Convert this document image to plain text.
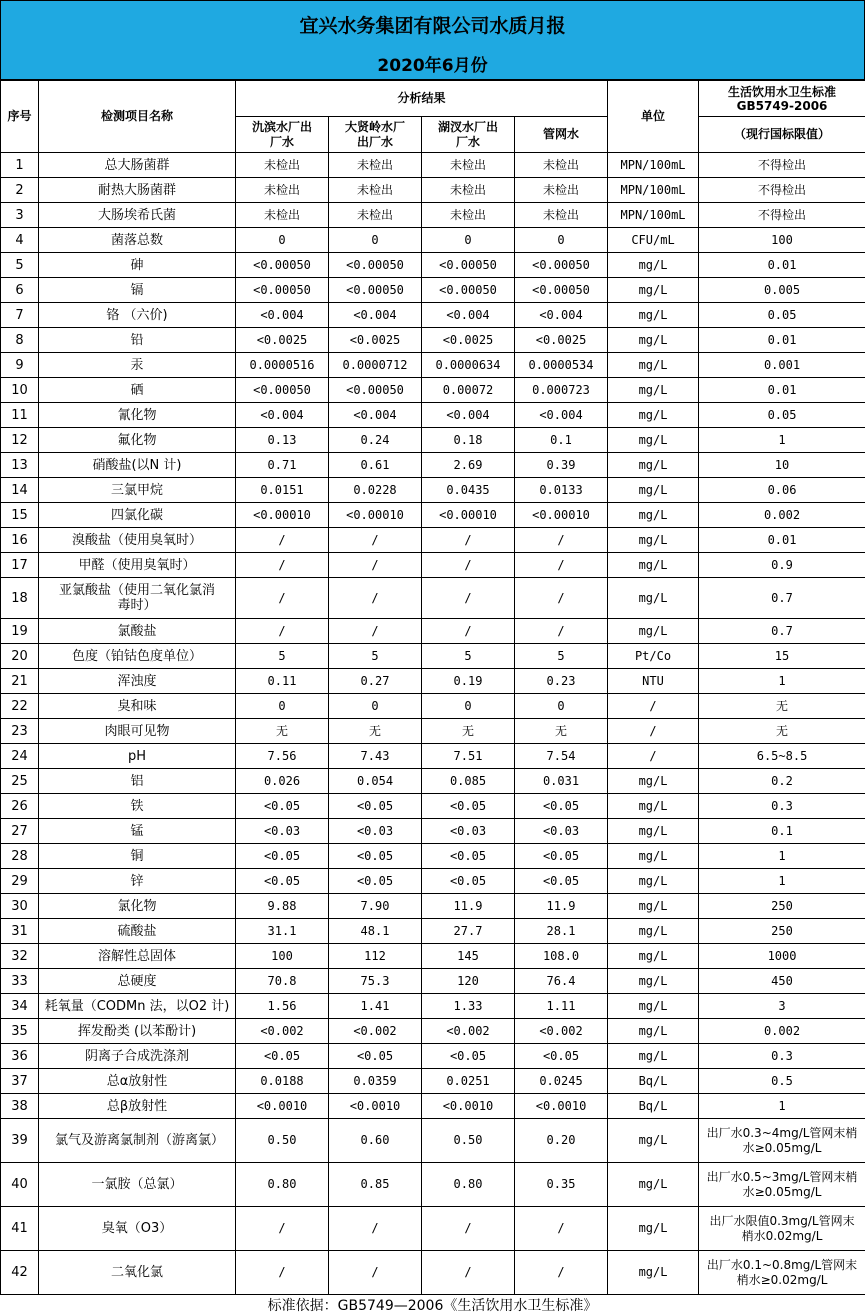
宜兴水务集团有限公司水质月报
2020年6月份
序号	检测项目名称	分析结果				单位	生活饮用水卫生标准 GB5749-2006
		氿滨水厂出厂水	大贤岭水厂出厂水	湖汊水厂出厂水	管网水		（现行国标限值）
1	总大肠菌群	未检出	未检出	未检出	未检出	MPN/100mL	不得检出
2	耐热大肠菌群	未检出	未检出	未检出	未检出	MPN/100mL	不得检出
3	大肠埃希氏菌	未检出	未检出	未检出	未检出	MPN/100mL	不得检出
4	菌落总数	0	0	0	0	CFU/mL	100
5	砷	<0.00050	<0.00050	<0.00050	<0.00050	mg/L	0.01
6	镉	<0.00050	<0.00050	<0.00050	<0.00050	mg/L	0.005
7	铬 （六价)	<0.004	<0.004	<0.004	<0.004	mg/L	0.05
8	铅	<0.0025	<0.0025	<0.0025	<0.0025	mg/L	0.01
9	汞	0.0000516	0.0000712	0.0000634	0.0000534	mg/L	0.001
10	硒	<0.00050	<0.00050	0.00072	0.000723	mg/L	0.01
11	氰化物	<0.004	<0.004	<0.004	<0.004	mg/L	0.05
12	氟化物	0.13	0.24	0.18	0.1	mg/L	1
13	硝酸盐(以N 计)	0.71	0.61	2.69	0.39	mg/L	10
14	三氯甲烷	0.0151	0.0228	0.0435	0.0133	mg/L	0.06
15	四氯化碳	<0.00010	<0.00010	<0.00010	<0.00010	mg/L	0.002
16	溴酸盐（使用臭氧时）	/	/	/	/	mg/L	0.01
17	甲醛（使用臭氧时）	/	/	/	/	mg/L	0.9
18	亚氯酸盐（使用二氧化氯消毒时）	/	/	/	/	mg/L	0.7
19	氯酸盐	/	/	/	/	mg/L	0.7
20	色度（铂钴色度单位）	5	5	5	5	Pt/Co	15
21	浑浊度	0.11	0.27	0.19	0.23	NTU	1
22	臭和味	0	0	0	0	/	无
23	肉眼可见物	无	无	无	无	/	无
24	pH	7.56	7.43	7.51	7.54	/	6.5~8.5
25	铝	0.026	0.054	0.085	0.031	mg/L	0.2
26	铁	<0.05	<0.05	<0.05	<0.05	mg/L	0.3
27	锰	<0.03	<0.03	<0.03	<0.03	mg/L	0.1
28	铜	<0.05	<0.05	<0.05	<0.05	mg/L	1
29	锌	<0.05	<0.05	<0.05	<0.05	mg/L	1
30	氯化物	9.88	7.90	11.9	11.9	mg/L	250
31	硫酸盐	31.1	48.1	27.7	28.1	mg/L	250
32	溶解性总固体	100	112	145	108.0	mg/L	1000
33	总硬度	70.8	75.3	120	76.4	mg/L	450
34	耗氧量（CODMn 法，以O2 计)	1.56	1.41	1.33	1.11	mg/L	3
35	挥发酚类 (以苯酚计)	<0.002	<0.002	<0.002	<0.002	mg/L	0.002
36	阴离子合成洗涤剂	<0.05	<0.05	<0.05	<0.05	mg/L	0.3
37	总α放射性	0.0188	0.0359	0.0251	0.0245	Bq/L	0.5
38	总β放射性	<0.0010	<0.0010	<0.0010	<0.0010	Bq/L	1
39	氯气及游离氯制剂（游离氯）	0.50	0.60	0.50	0.20	mg/L	出厂水0.3~4mg/L管网末梢水≥0.05mg/L
40	一氯胺（总氯）	0.80	0.85	0.80	0.35	mg/L	出厂水0.5~3mg/L管网末梢水≥0.05mg/L
41	臭氧（O3）	/	/	/	/	mg/L	出厂水限值0.3mg/L管网末梢水0.02mg/L
42	二氧化氯	/	/	/	/	mg/L	出厂水0.1~0.8mg/L管网末梢水≥0.02mg/L
标准依据：GB5749—2006《生活饮用水卫生标准》
